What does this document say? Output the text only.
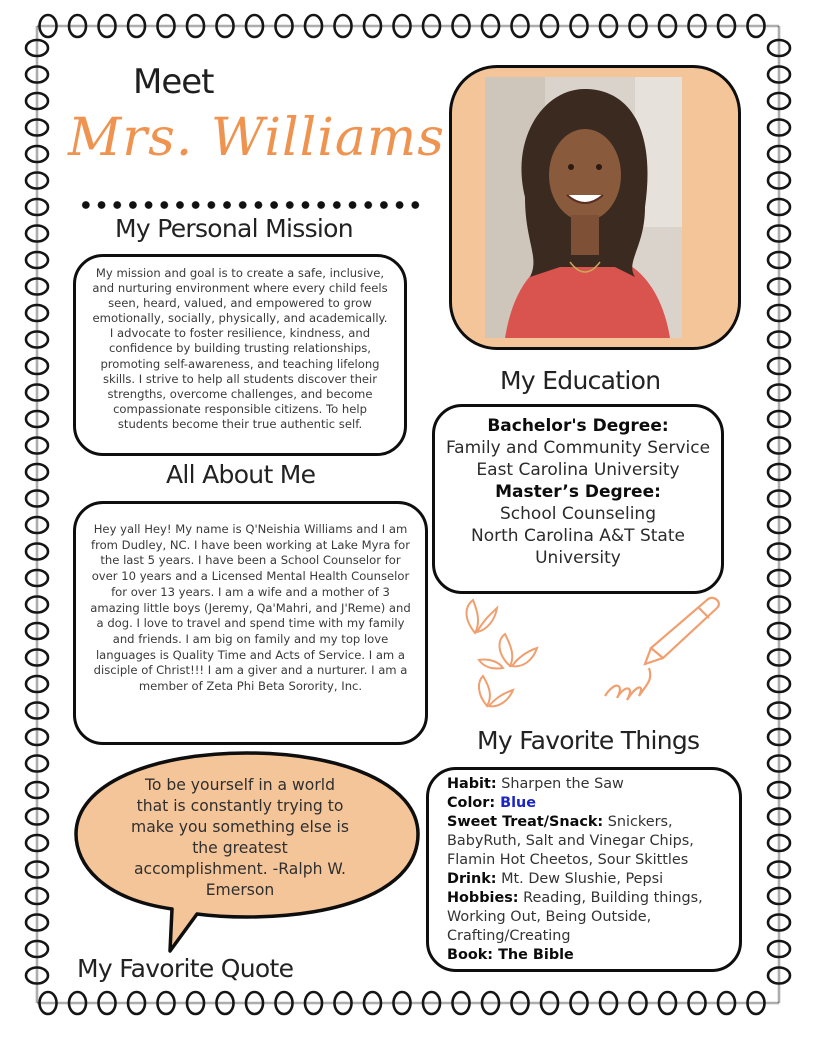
Meet
Mrs. Williams
My Personal Mission
My mission and goal is to create a safe, inclusive, and nurturing environment where every child feels seen, heard, valued, and empowered to grow emotionally, socially, physically, and academically. I advocate to foster resilience, kindness, and confidence by building trusting relationships, promoting self-awareness, and teaching lifelong skills. I strive to help all students discover their strengths, overcome challenges, and become compassionate responsible citizens. To help students become their true authentic self.
All About Me
Hey yall Hey! My name is Q'Neishia Williams and I am from Dudley, NC. I have been working at Lake Myra for the last 5 years. I have been a School Counselor for over 10 years and a Licensed Mental Health Counselor for over 13 years. I am a wife and a mother of 3 amazing little boys (Jeremy, Qa'Mahri, and J'Reme) and a dog. I love to travel and spend time with my family and friends. I am big on family and my top love languages is Quality Time and Acts of Service. I am a disciple of Christ!!! I am a giver and a nurturer. I am a member of Zeta Phi Beta Sorority, Inc.
My Education
Bachelor's Degree:
Family and Community Service
East Carolina University
Master’s Degree:
School Counseling
North Carolina A&T State University
My Favorite Things
Habit: Sharpen the Saw
Color: Blue
Sweet Treat/Snack: Snickers, BabyRuth, Salt and Vinegar Chips, Flamin Hot Cheetos, Sour Skittles
Drink: Mt. Dew Slushie, Pepsi
Hobbies: Reading, Building things, Working Out, Being Outside, Crafting/Creating
Book: The Bible
To be yourself in a world that is constantly trying to make you something else is the greatest accomplishment. -Ralph W. Emerson
My Favorite Quote
